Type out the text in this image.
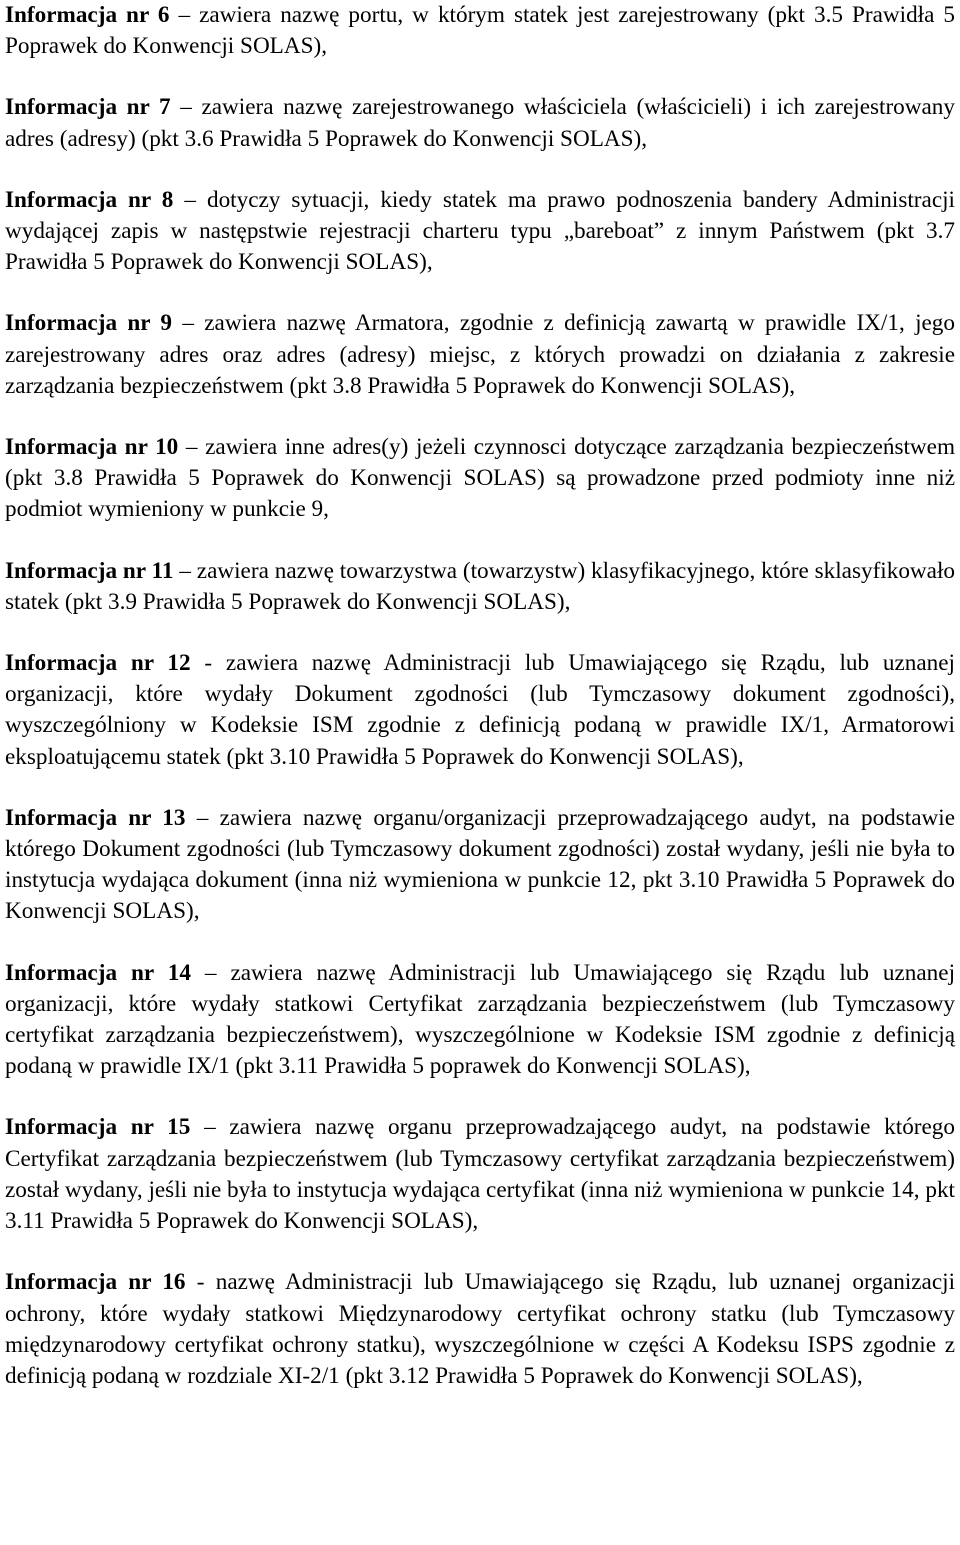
Informacja nr 6 – zawiera nazwę portu, w którym statek jest zarejestrowany (pkt 3.5 Prawidła 5 Poprawek do Konwencji SOLAS),

Informacja nr 7 – zawiera nazwę zarejestrowanego właściciela (właścicieli) i ich zarejestrowany adres (adresy) (pkt 3.6 Prawidła 5 Poprawek do Konwencji SOLAS),

Informacja nr 8 – dotyczy sytuacji, kiedy statek ma prawo podnoszenia bandery Administracji wydającej zapis w następstwie rejestracji charteru typu „bareboat” z innym Państwem (pkt 3.7 Prawidła 5 Poprawek do Konwencji SOLAS),

Informacja nr 9 – zawiera nazwę Armatora, zgodnie z definicją zawartą w prawidle IX/1, jego zarejestrowany adres oraz adres (adresy) miejsc, z których prowadzi on działania z zakresie zarządzania bezpieczeństwem (pkt 3.8 Prawidła 5 Poprawek do Konwencji SOLAS),

Informacja nr 10 – zawiera inne adres(y) jeżeli czynnosci dotyczące zarządzania bezpieczeństwem (pkt 3.8 Prawidła 5 Poprawek do Konwencji SOLAS) są prowadzone przed podmioty inne niż podmiot wymieniony w punkcie 9,

Informacja nr 11 – zawiera nazwę towarzystwa (towarzystw) klasyfikacyjnego, które sklasyfikowało statek (pkt 3.9 Prawidła 5 Poprawek do Konwencji SOLAS),

Informacja nr 12 - zawiera nazwę Administracji lub Umawiającego się Rządu, lub uznanej organizacji, które wydały Dokument zgodności (lub Tymczasowy dokument zgodności), wyszczególniony w Kodeksie ISM zgodnie z definicją podaną w prawidle IX/1, Armatorowi eksploatującemu statek (pkt 3.10 Prawidła 5 Poprawek do Konwencji SOLAS),

Informacja nr 13 – zawiera nazwę organu/organizacji przeprowadzającego audyt, na podstawie którego Dokument zgodności (lub Tymczasowy dokument zgodności) został wydany, jeśli nie była to instytucja wydająca dokument (inna niż wymieniona w punkcie 12, pkt 3.10 Prawidła 5 Poprawek do Konwencji SOLAS),

Informacja nr 14 – zawiera nazwę Administracji lub Umawiającego się Rządu lub uznanej organizacji, które wydały statkowi Certyfikat zarządzania bezpieczeństwem (lub Tymczasowy certyfikat zarządzania bezpieczeństwem), wyszczególnione w Kodeksie ISM zgodnie z definicją podaną w prawidle IX/1 (pkt 3.11 Prawidła 5 poprawek do Konwencji SOLAS),

Informacja nr 15 – zawiera nazwę organu przeprowadzającego audyt, na podstawie którego Certyfikat zarządzania bezpieczeństwem (lub Tymczasowy certyfikat zarządzania bezpieczeństwem) został wydany, jeśli nie była to instytucja wydająca certyfikat (inna niż wymieniona w punkcie 14, pkt 3.11 Prawidła 5 Poprawek do Konwencji SOLAS),

Informacja nr 16 - nazwę Administracji lub Umawiającego się Rządu, lub uznanej organizacji ochrony, które wydały statkowi Międzynarodowy certyfikat ochrony statku (lub Tymczasowy międzynarodowy certyfikat ochrony statku), wyszczególnione w części A Kodeksu ISPS zgodnie z definicją podaną w rozdziale XI-2/1 (pkt 3.12 Prawidła 5 Poprawek do Konwencji SOLAS),
